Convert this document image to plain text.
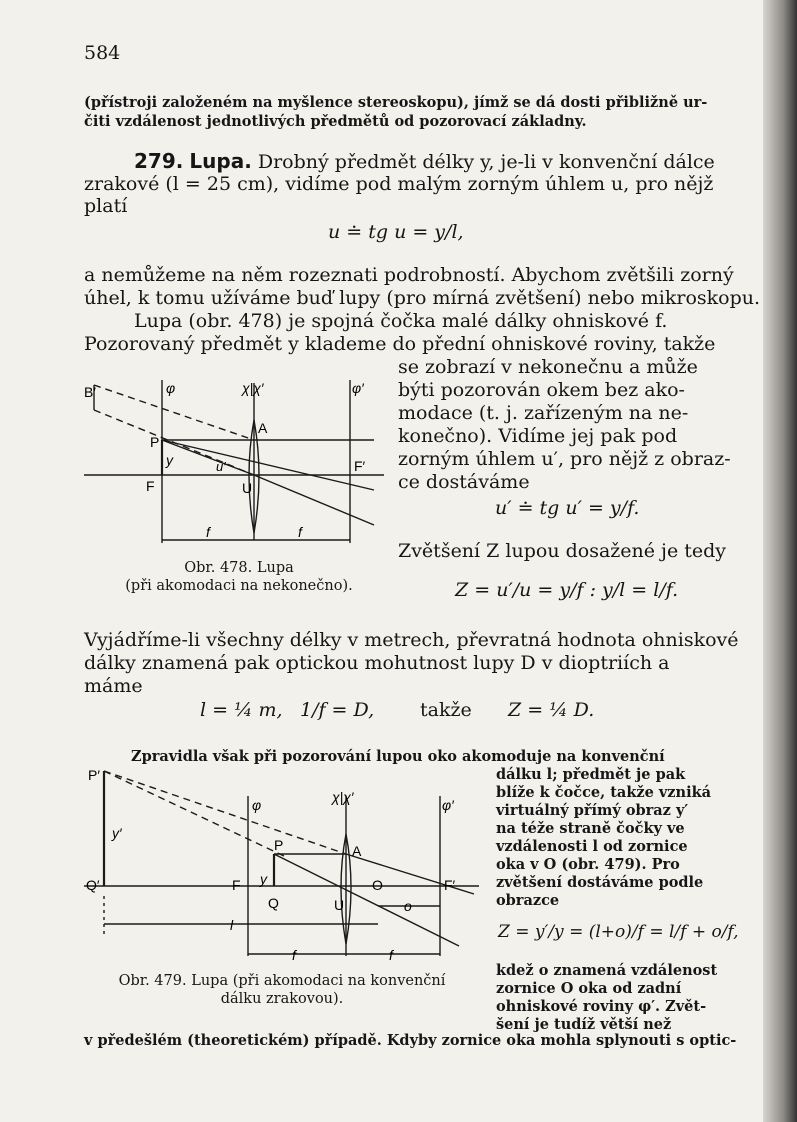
584
(přístroji založeném na myšlence stereoskopu), jímž se dá dosti přibližně ur-
čiti vzdálenost jednotlivých předmětů od pozorovací základny.
279. Lupa. Drobný předmět délky y, je-li v konvenční dálce
zrakové (l = 25 cm), vidíme pod malým zorným úhlem u, pro nějž
platí
u ≐ tg u = y/l,
a nemůžeme na něm rozeznati podrobností. Abychom zvětšili zorný
úhel, k tomu užíváme buď lupy (pro mírná zvětšení) nebo mikroskopu.
Lupa (obr. 478) je spojná čočka malé dálky ohniskové f.
Pozorovaný předmět y klademe do přední ohniskové roviny, takže
se zobrazí v nekonečnu a může
býti pozorován okem bez ako-
modace (t. j. zařízeným na ne-
konečno). Vidíme jej pak pod
zorným úhlem u′, pro nějž z obraz-
ce dostáváme
u′ ≐ tg u′ = y/f.
Zvětšení Z lupou dosažené je tedy
Z = u′/u = y/f : y/l = l/f.
B′	φ	χ|χ′	φ′
A
P
y	u′
F
F′
U
f	f
Obr. 478. Lupa
(při akomodaci na nekonečno).
Vyjádříme-li všechny délky v metrech, převratná hodnota ohniskové
dálky znamená pak optickou mohutnost lupy D v dioptriích a
máme
l = ¼ m, 1/f = D, takže Z = ¼ D.
Zpravidla však při pozorování lupou oko akomoduje na konvenční
dálku l; předmět je pak
blíže k čočce, takže vzniká
virtuálný přímý obraz y′
na téže straně čočky ve
vzdálenosti l od zornice
oka v O (obr. 479). Pro
zvětšení dostáváme podle
obrazce
Z = y′/y = (l+o)/f = l/f + o/f,
kdež o znamená vzdálenost
zornice O oka od zadní
ohniskové roviny φ′. Zvět-
šení je tudíž větší než
P′
y′
Q′
φ	χ|χ′	φ′
A
P
F y	O	F′
Q	U	o
l
f	f
Obr. 479. Lupa (při akomodaci na konvenční
dálku zrakovou).
v předešlém (theoretickém) případě. Kdyby zornice oka mohla splynouti s optic-
